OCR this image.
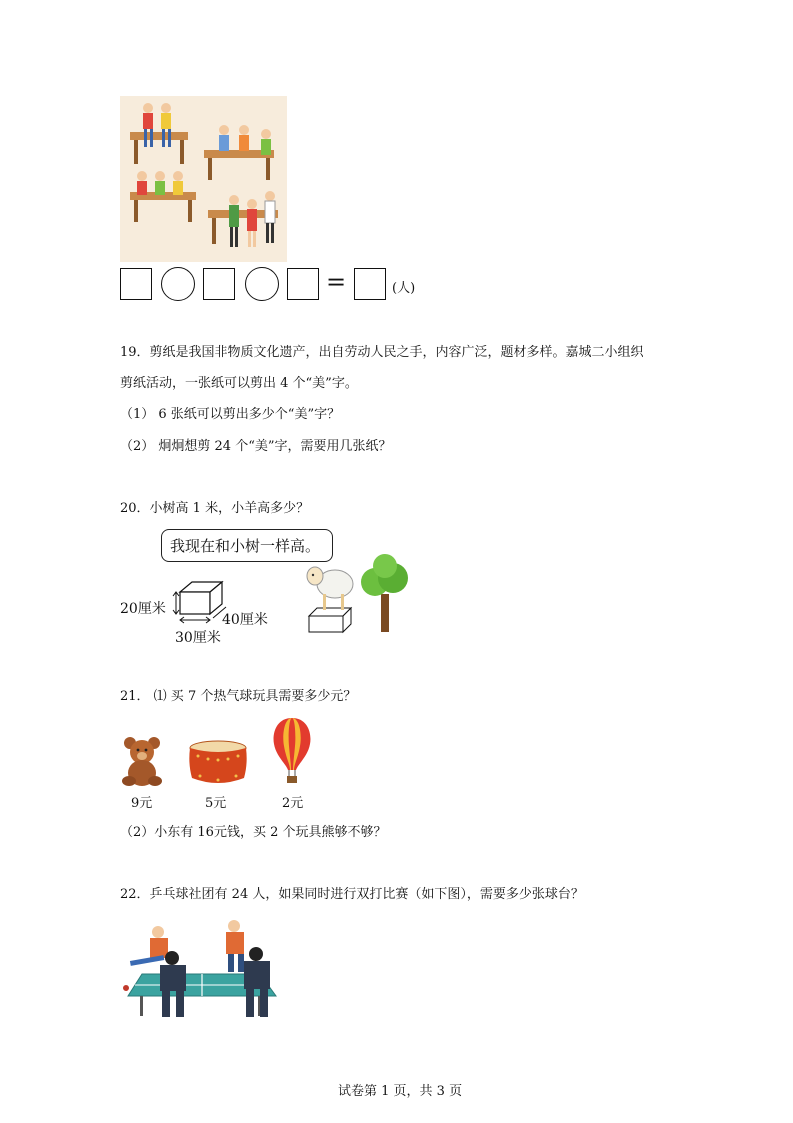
=	(人)
19．剪纸是我国非物质文化遗产，出自劳动人民之手，内容广泛，题材多样。嘉城二小组织
剪纸活动，一张纸可以剪出 4 个“美”字。
（1） 6 张纸可以剪出多少个“美”字？
（2） 炯炯想剪 24 个“美”字，需要用几张纸？
20．小树高 1 米，小羊高多少？
我现在和小树一样高。
20厘米
40厘米
30厘米
21． ⑴ 买 7 个热气球玩具需要多少元？
9元	5元	2元
（2）小东有 16元钱，买 2 个玩具熊够不够？
22．乒乓球社团有 24 人，如果同时进行双打比赛（如下图），需要多少张球台？
试卷第 1 页，共 3 页
